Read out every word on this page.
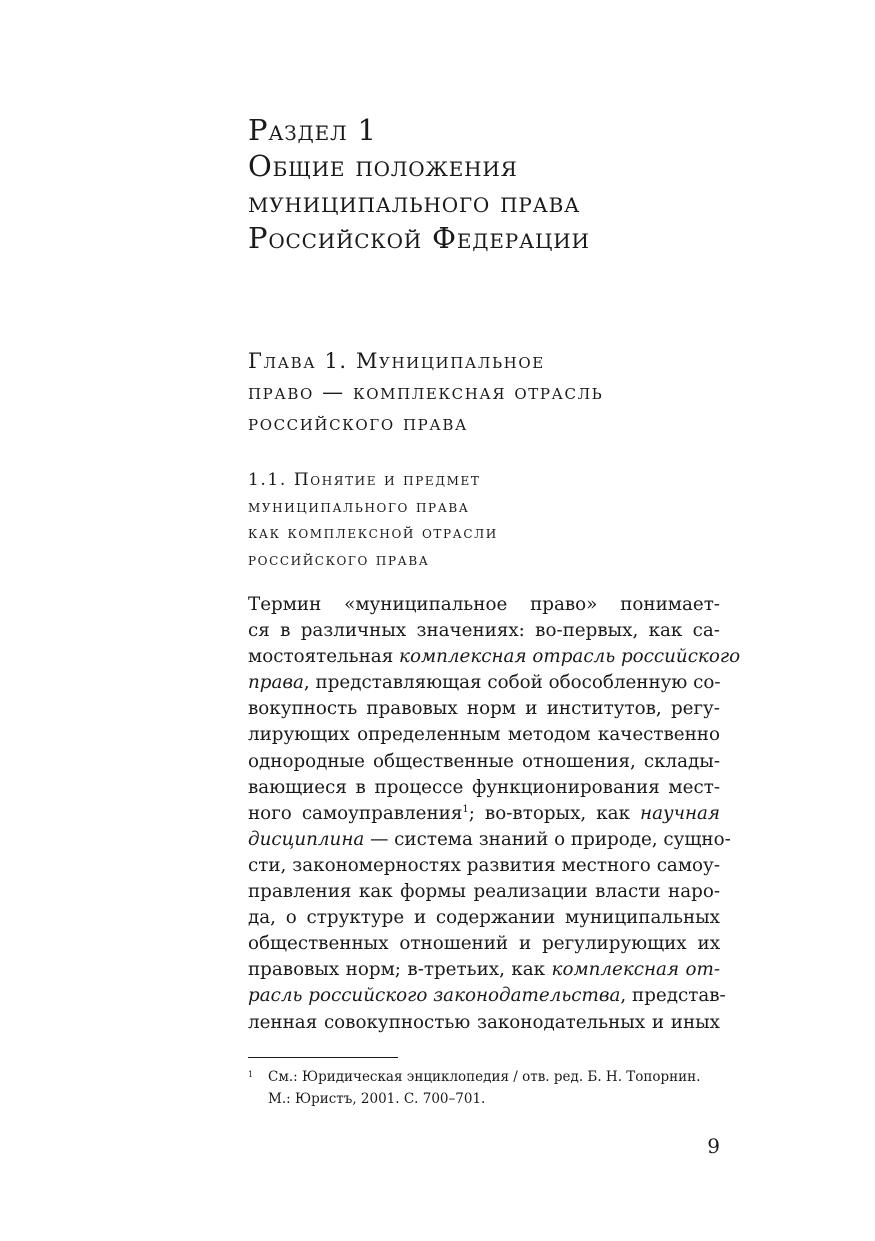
Раздел 1
Общие положения
муниципального права
Российской Федерации
Глава 1. Муниципальное
право — комплексная отрасль
российского права
1.1. Понятие и предмет
муниципального права
как комплексной отрасли
российского права
Термин «муниципальное право» понимает-
ся в различных значениях: во-первых, как са-
мостоятельная комплексная отрасль российского
права, представляющая собой обособленную со-
вокупность правовых норм и институтов, регу-
лирующих определенным методом качественно
однородные общественные отношения, склады-
вающиеся в процессе функционирования мест-
ного самоуправления$^1$; во-вторых, как научная
дисциплина — система знаний о природе, сущно-
сти, закономерностях развития местного самоу-
правления как формы реализации власти наро-
да, о структуре и содержании муниципальных
общественных отношений и регулирующих их
правовых норм; в-третьих, как комплексная от-
расль российского законодательства, представ-
ленная совокупностью законодательных и иных
1	См.: Юридическая энциклопедия / отв. ред. Б. Н. Топорнин.
М.: Юристъ, 2001. С. 700–701.
9
